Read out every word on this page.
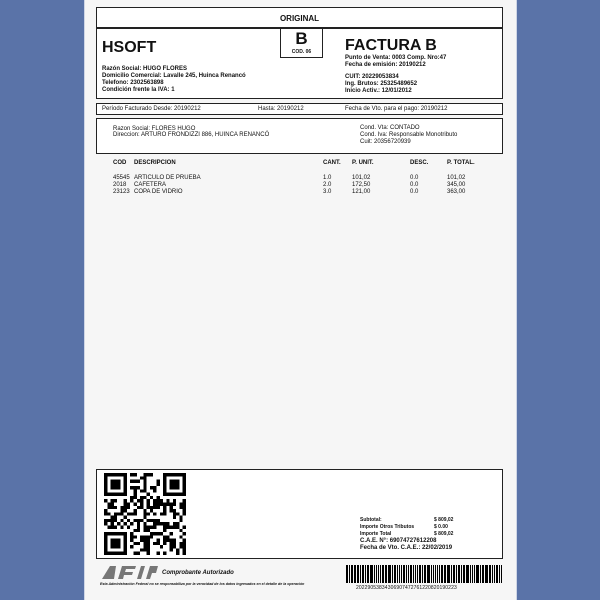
ORIGINAL
HSOFT	B
COD. 06	FACTURA B
Razón Social: HUGO FLORES
Domicilio Comercial: Lavalle 245, Huinca Renancó
Telefono: 2302563898
Condición frente la IVA: 1
Punto de Venta: 0003 Comp. Nro:47
Fecha de emisión: 20190212
CUIT: 20229053834
Ing. Brutos: 25325489652
Inicio Activ.: 12/01/2012
Período Facturado Desde: 20190212	Hasta: 20190212	Fecha de Vto. para el pago: 20190212
Razon Social: FLORES HUGO
Direccion: ARTURO FRONDIZZI 886, HUINCA RENANCÓ
Cond. Vta: CONTADO
Cond. Iva: Responsable Monotributo
Cuit: 20356720939
COD DESCRIPCION	CANT. P. UNIT.	DESC.	P. TOTAL.
45545 ARTICULO DE PRUEBA	1.0	101,02	0.0	101,02
2018 CAFETERA	2.0	172,50	0.0	345,00
23123 COPA DE VIDRIO	3.0	121,00	0.0	363,00
Subtotal:	$ 809,02
Importe Otros Tributos	$ 0.00
Importe Total	$ 809,02
C.A.E. N°: 69074727612208
Fecha de Vto. C.A.E.: 22/02/2019
Comprobante Autorizado
Esta Administración Federal no se responsabiliza por la veracidad de los datos ingresados en el detalle de la operación
20229053834306907472761220820190223
